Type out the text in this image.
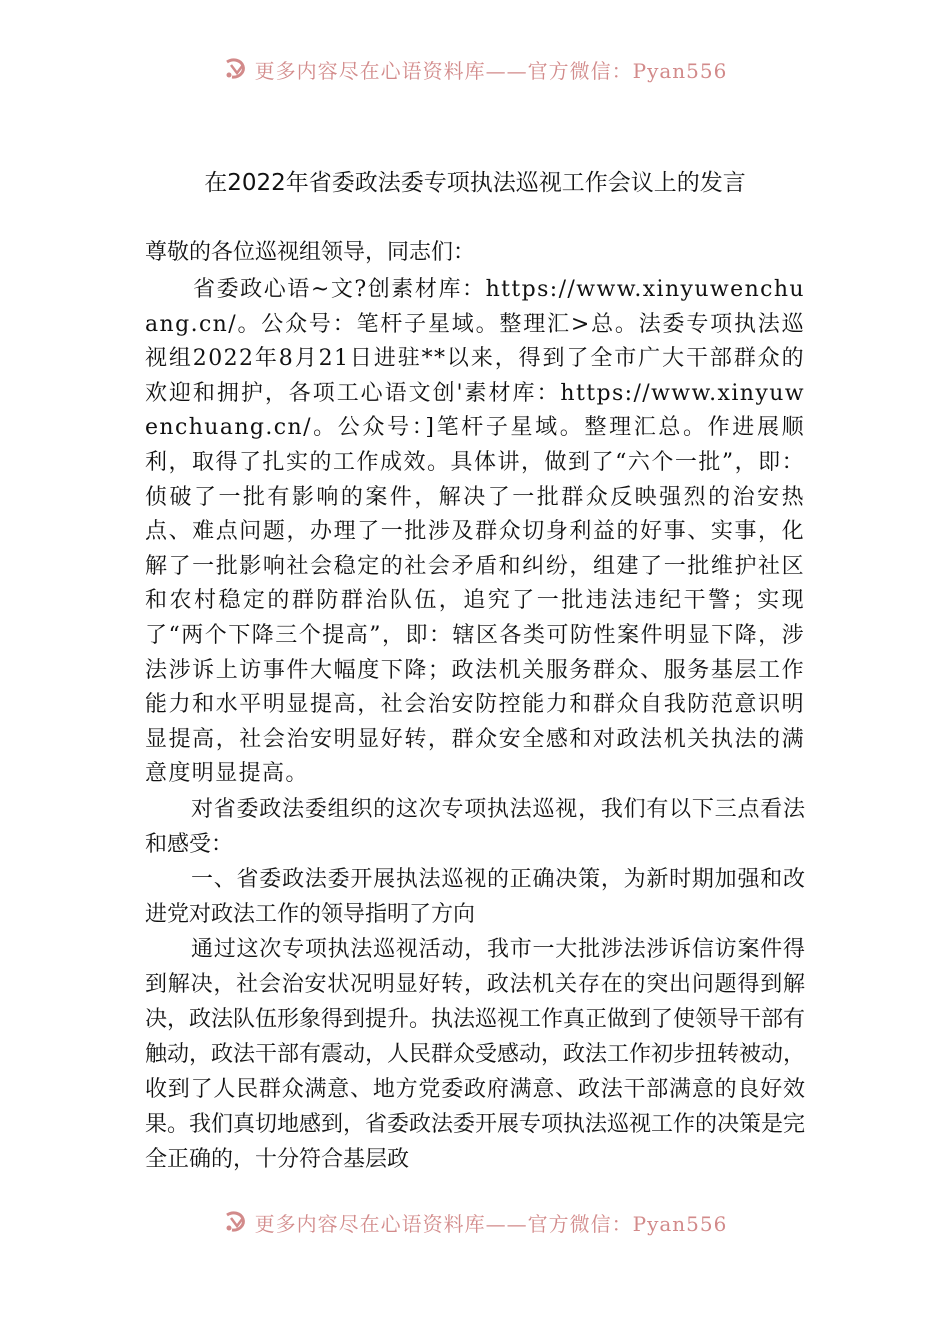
更多内容尽在心语资料库——官方微信：Pyan556
在2022年省委政法委专项执法巡视工作会议上的发言
尊敬的各位巡视组领导，同志们：

省委政心语~文?创素材库：https://www.xinyuwenchuang.cn/。公众号：笔杆子星域。整理汇>总。法委专项执法巡视组2022年8月21日进驻**以来，得到了全市广大干部群众的欢迎和拥护，各项工心语文创'素材库：https://www.xinyuwenchuang.cn/。公众号：]笔杆子星域。整理汇总。作进展顺利，取得了扎实的工作成效。具体讲，做到了“六个一批”，即：侦破了一批有影响的案件，解决了一批群众反映强烈的治安热点、难点问题，办理了一批涉及群众切身利益的好事、实事，化解了一批影响社会稳定的社会矛盾和纠纷，组建了一批维护社区和农村稳定的群防群治队伍，追究了一批违法违纪干警；实现了“两个下降三个提高”，即：辖区各类可防性案件明显下降，涉法涉诉上访事件大幅度下降；政法机关服务群众、服务基层工作能力和水平明显提高，社会治安防控能力和群众自我防范意识明显提高，社会治安明显好转，群众安全感和对政法机关执法的满意度明显提高。

对省委政法委组织的这次专项执法巡视，我们有以下三点看法和感受：

一、省委政法委开展执法巡视的正确决策，为新时期加强和改进党对政法工作的领导指明了方向

通过这次专项执法巡视活动，我市一大批涉法涉诉信访案件得到解决，社会治安状况明显好转，政法机关存在的突出问题得到解决，政法队伍形象得到提升。执法巡视工作真正做到了使领导干部有触动，政法干部有震动，人民群众受感动，政法工作初步扭转被动，收到了人民群众满意、地方党委政府满意、政法干部满意的良好效果。我们真切地感到，省委政法委开展专项执法巡视工作的决策是完全正确的，十分符合基层政

更多内容尽在心语资料库——官方微信：Pyan556
